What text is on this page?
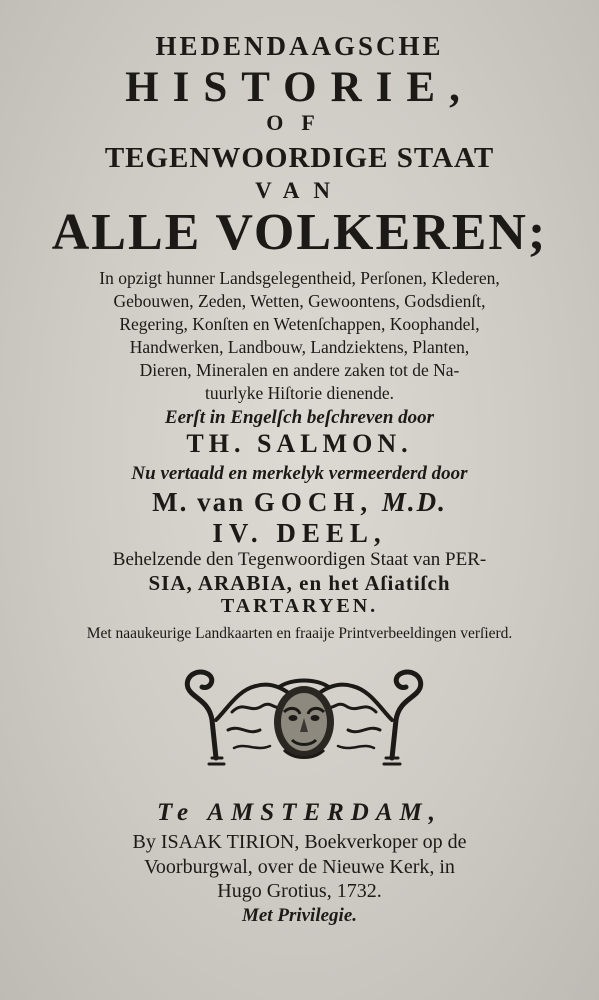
HEDENDAAGSCHE
HISTORIE,
OF
TEGENWOORDIGE STAAT
VAN
ALLE VOLKEREN;
In opzigt hunner Landsgelegentheid, Perſonen, Klederen,
Gebouwen, Zeden, Wetten, Gewoontens, Godsdienſt,
Regering, Konſten en Wetenſchappen, Koophandel,
Handwerken, Landbouw, Landziektens, Planten,
Dieren, Mineralen en andere zaken tot de Na-
tuurlyke Hiſtorie dienende.
Eerſt in Engelſch beſchreven door
TH. SALMON.
Nu vertaald en merkelyk vermeerderd door
M. van GOCH, M.D.
IV. DEEL,
Behelzende den Tegenwoordigen Staat van PER-
SIA, ARABIA, en het Aſiatiſch
TARTARYEN.
Met naaukeurige Landkaarten en fraaije Printverbeeldingen verſierd.
Te AMSTERDAM,
By ISAAK TIRION, Boekverkoper op de
Voorburgwal, over de Nieuwe Kerk, in
Hugo Grotius, 1732.
Met Privilegie.
